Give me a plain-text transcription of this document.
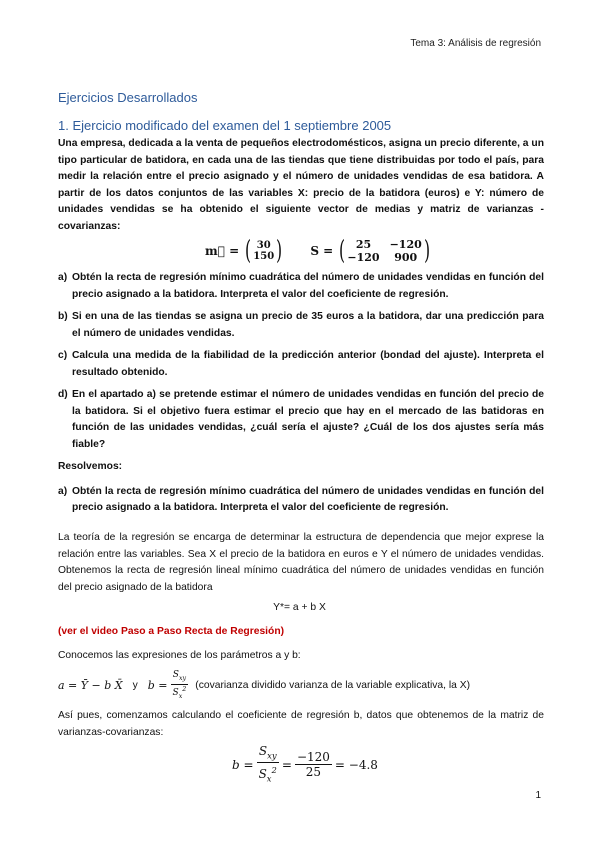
Tema 3: Análisis de regresión
Ejercicios Desarrollados
1. Ejercicio modificado del examen del 1 septiembre 2005
Una empresa, dedicada a la venta de pequeños electrodomésticos, asigna un precio diferente, a un tipo particular de batidora, en cada una de las tiendas que tiene distribuidas por todo el país, para medir la relación entre el precio asignado y el número de unidades vendidas de esa batidora. A partir de los datos conjuntos de las variables X: precio de la batidora (euros) e Y: número de unidades vendidas se ha obtenido el siguiente vector de medias y matriz de varianzas - covarianzas:
m⃗ = ( 30
150 ) S = ( 25	−120
−120	900 )
a) Obtén la recta de regresión mínimo cuadrática del número de unidades vendidas en función del precio asignado a la batidora. Interpreta el valor del coeficiente de regresión.
b) Si en una de las tiendas se asigna un precio de 35 euros a la batidora, dar una predicción para el número de unidades vendidas.
c) Calcula una medida de la fiabilidad de la predicción anterior (bondad del ajuste). Interpreta el resultado obtenido.
d) En el apartado a) se pretende estimar el número de unidades vendidas en función del precio de la batidora. Si el objetivo fuera estimar el precio que hay en el mercado de las batidoras en función de las unidades vendidas, ¿cuál sería el ajuste? ¿Cuál de los dos ajustes sería más fiable?
Resolvemos:
a) Obtén la recta de regresión mínimo cuadrática del número de unidades vendidas en función del precio asignado a la batidora. Interpreta el valor del coeficiente de regresión.
La teoría de la regresión se encarga de determinar la estructura de dependencia que mejor exprese la relación entre las variables. Sea X el precio de la batidora en euros e Y el número de unidades vendidas. Obtenemos la recta de regresión lineal mínimo cuadrática del número de unidades vendidas en función del precio asignado de la batidora
Y*= a + b X
(ver el video Paso a Paso Recta de Regresión)
Conocemos las expresiones de los parámetros a y b:
a = Ȳ − b X̄ y $b = \frac{S_{xy}}{S_x^2}$ (covarianza dividido varianza de la variable explicativa, la X)
Así pues, comenzamos calculando el coeficiente de regresión b, datos que obtenemos de la matriz de varianzas-covarianzas:
$b = \frac{S_{xy}}{S_x^2} = \frac{-120}{25} = -4.8$
1
